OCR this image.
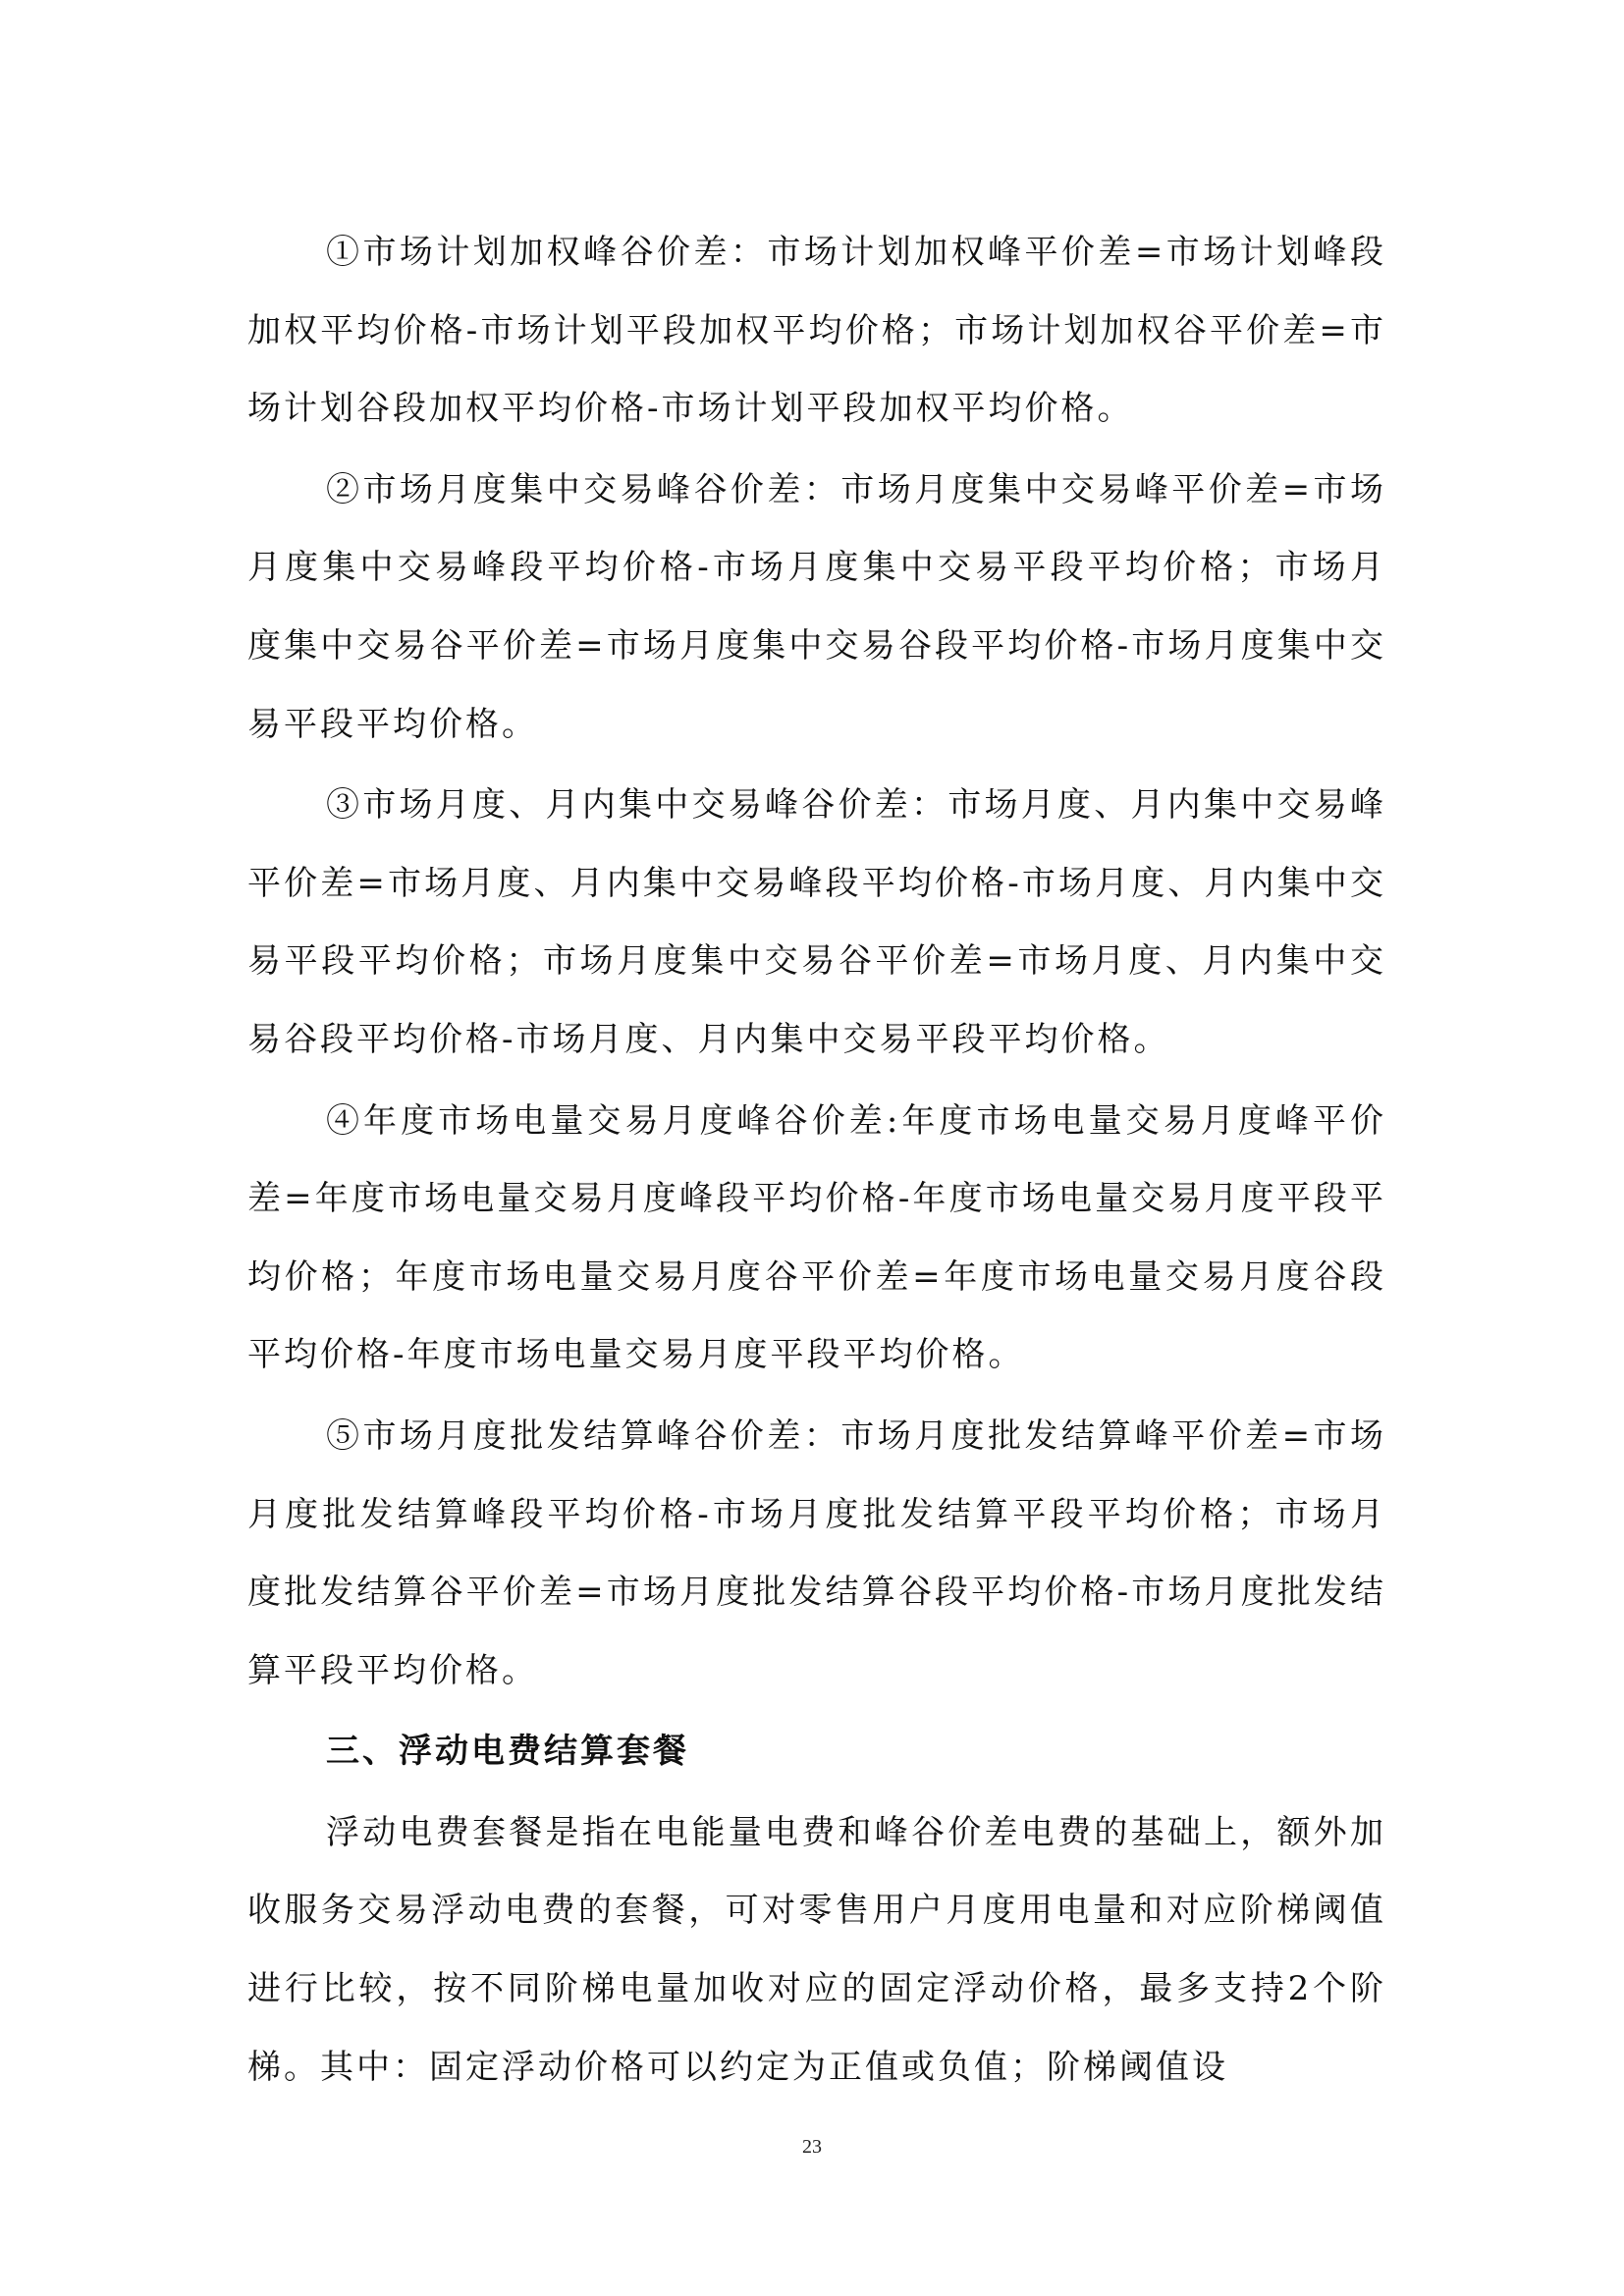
①市场计划加权峰谷价差：市场计划加权峰平价差=市场计划峰段加权平均价格-市场计划平段加权平均价格；市场计划加权谷平价差=市场计划谷段加权平均价格-市场计划平段加权平均价格。

②市场月度集中交易峰谷价差：市场月度集中交易峰平价差=市场月度集中交易峰段平均价格-市场月度集中交易平段平均价格；市场月度集中交易谷平价差=市场月度集中交易谷段平均价格-市场月度集中交易平段平均价格。

③市场月度、月内集中交易峰谷价差：市场月度、月内集中交易峰平价差=市场月度、月内集中交易峰段平均价格-市场月度、月内集中交易平段平均价格；市场月度集中交易谷平价差=市场月度、月内集中交易谷段平均价格-市场月度、月内集中交易平段平均价格。

④年度市场电量交易月度峰谷价差:年度市场电量交易月度峰平价差=年度市场电量交易月度峰段平均价格-年度市场电量交易月度平段平均价格；年度市场电量交易月度谷平价差=年度市场电量交易月度谷段平均价格-年度市场电量交易月度平段平均价格。

⑤市场月度批发结算峰谷价差：市场月度批发结算峰平价差=市场月度批发结算峰段平均价格-市场月度批发结算平段平均价格；市场月度批发结算谷平价差=市场月度批发结算谷段平均价格-市场月度批发结算平段平均价格。

三、浮动电费结算套餐

浮动电费套餐是指在电能量电费和峰谷价差电费的基础上，额外加收服务交易浮动电费的套餐，可对零售用户月度用电量和对应阶梯阈值进行比较，按不同阶梯电量加收对应的固定浮动价格，最多支持2个阶梯。其中：固定浮动价格可以约定为正值或负值；阶梯阈值设

23
